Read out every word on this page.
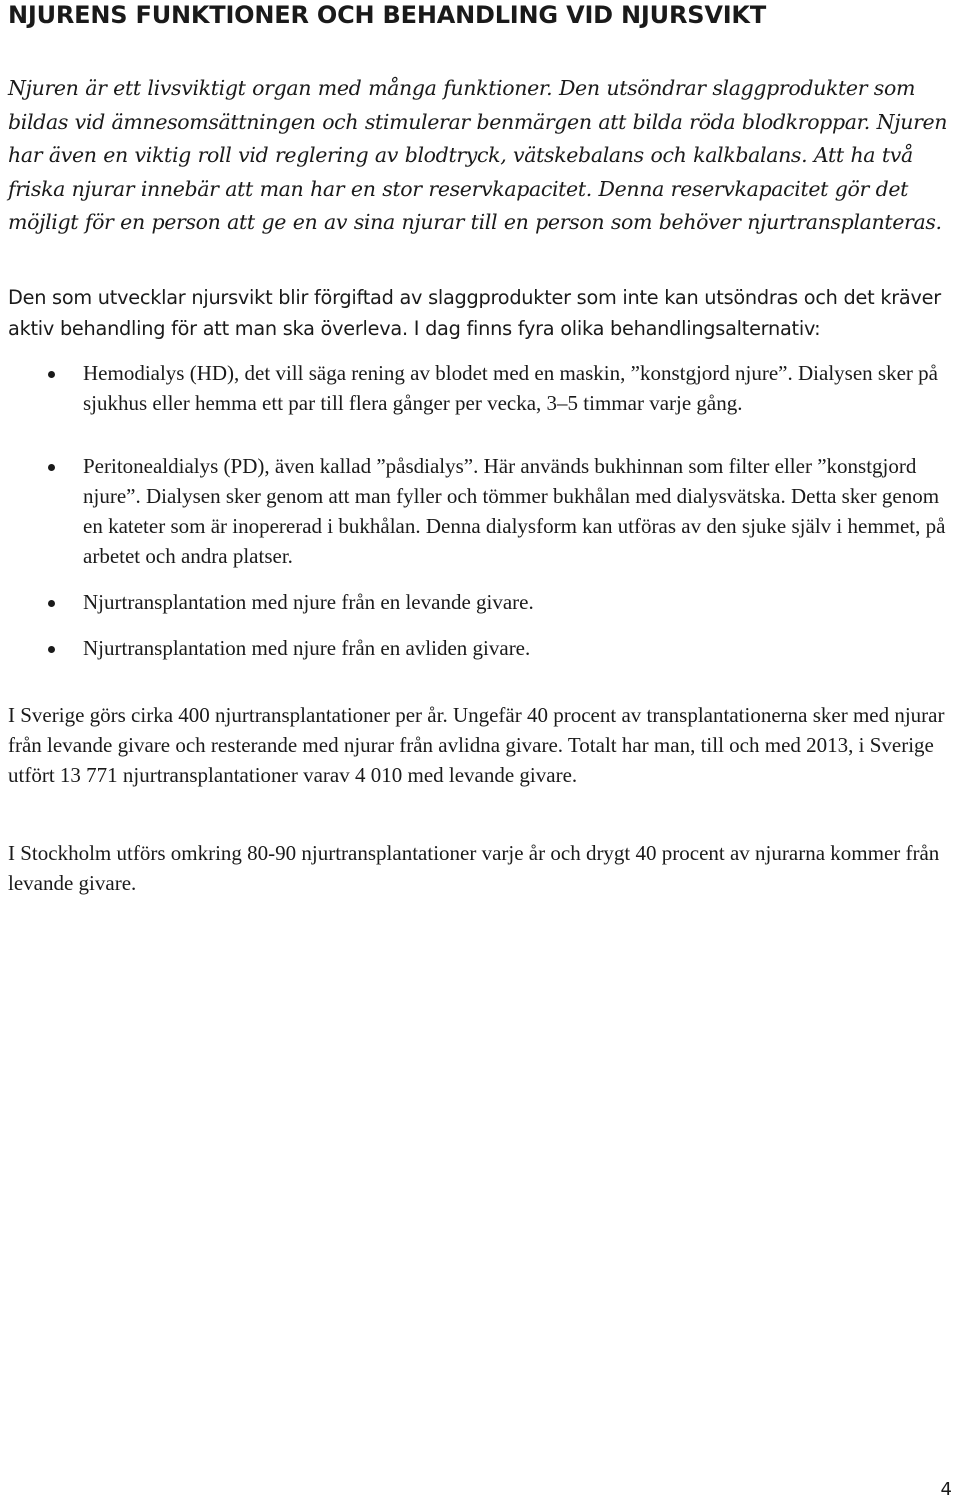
NJURENS FUNKTIONER OCH BEHANDLING VID NJURSVIKT

Njuren är ett livsviktigt organ med många funktioner. Den utsöndrar slaggprodukter som bildas vid ämnesomsättningen och stimulerar benmärgen att bilda röda blodkroppar. Njuren har även en viktig roll vid reglering av blodtryck, vätskebalans och kalkbalans. Att ha två friska njurar innebär att man har en stor reservkapacitet. Denna reservkapacitet gör det möjligt för en person att ge en av sina njurar till en person som behöver njurtransplanteras.

Den som utvecklar njursvikt blir förgiftad av slaggprodukter som inte kan utsöndras och det kräver aktiv behandling för att man ska överleva. I dag finns fyra olika behandlingsalternativ:

Hemodialys (HD), det vill säga rening av blodet med en maskin, ”konstgjord njure”. Dialysen sker på sjukhus eller hemma ett par till flera gånger per vecka, 3–5 timmar varje gång.
Peritonealdialys (PD), även kallad ”påsdialys”. Här används bukhinnan som filter eller ”konstgjord njure”. Dialysen sker genom att man fyller och tömmer bukhålan med dialysvätska. Detta sker genom en kateter som är inopererad i bukhålan. Denna dialysform kan utföras av den sjuke själv i hemmet, på arbetet och andra platser.
Njurtransplantation med njure från en levande givare.
Njurtransplantation med njure från en avliden givare.

I Sverige görs cirka 400 njurtransplantationer per år. Ungefär 40 procent av transplantationerna sker med njurar från levande givare och resterande med njurar från avlidna givare. Totalt har man, till och med 2013, i Sverige utfört 13 771 njurtransplantationer varav 4 010 med levande givare.

I Stockholm utförs omkring 80-90 njurtransplantationer varje år och drygt 40 procent av njurarna kommer från levande givare.

4
